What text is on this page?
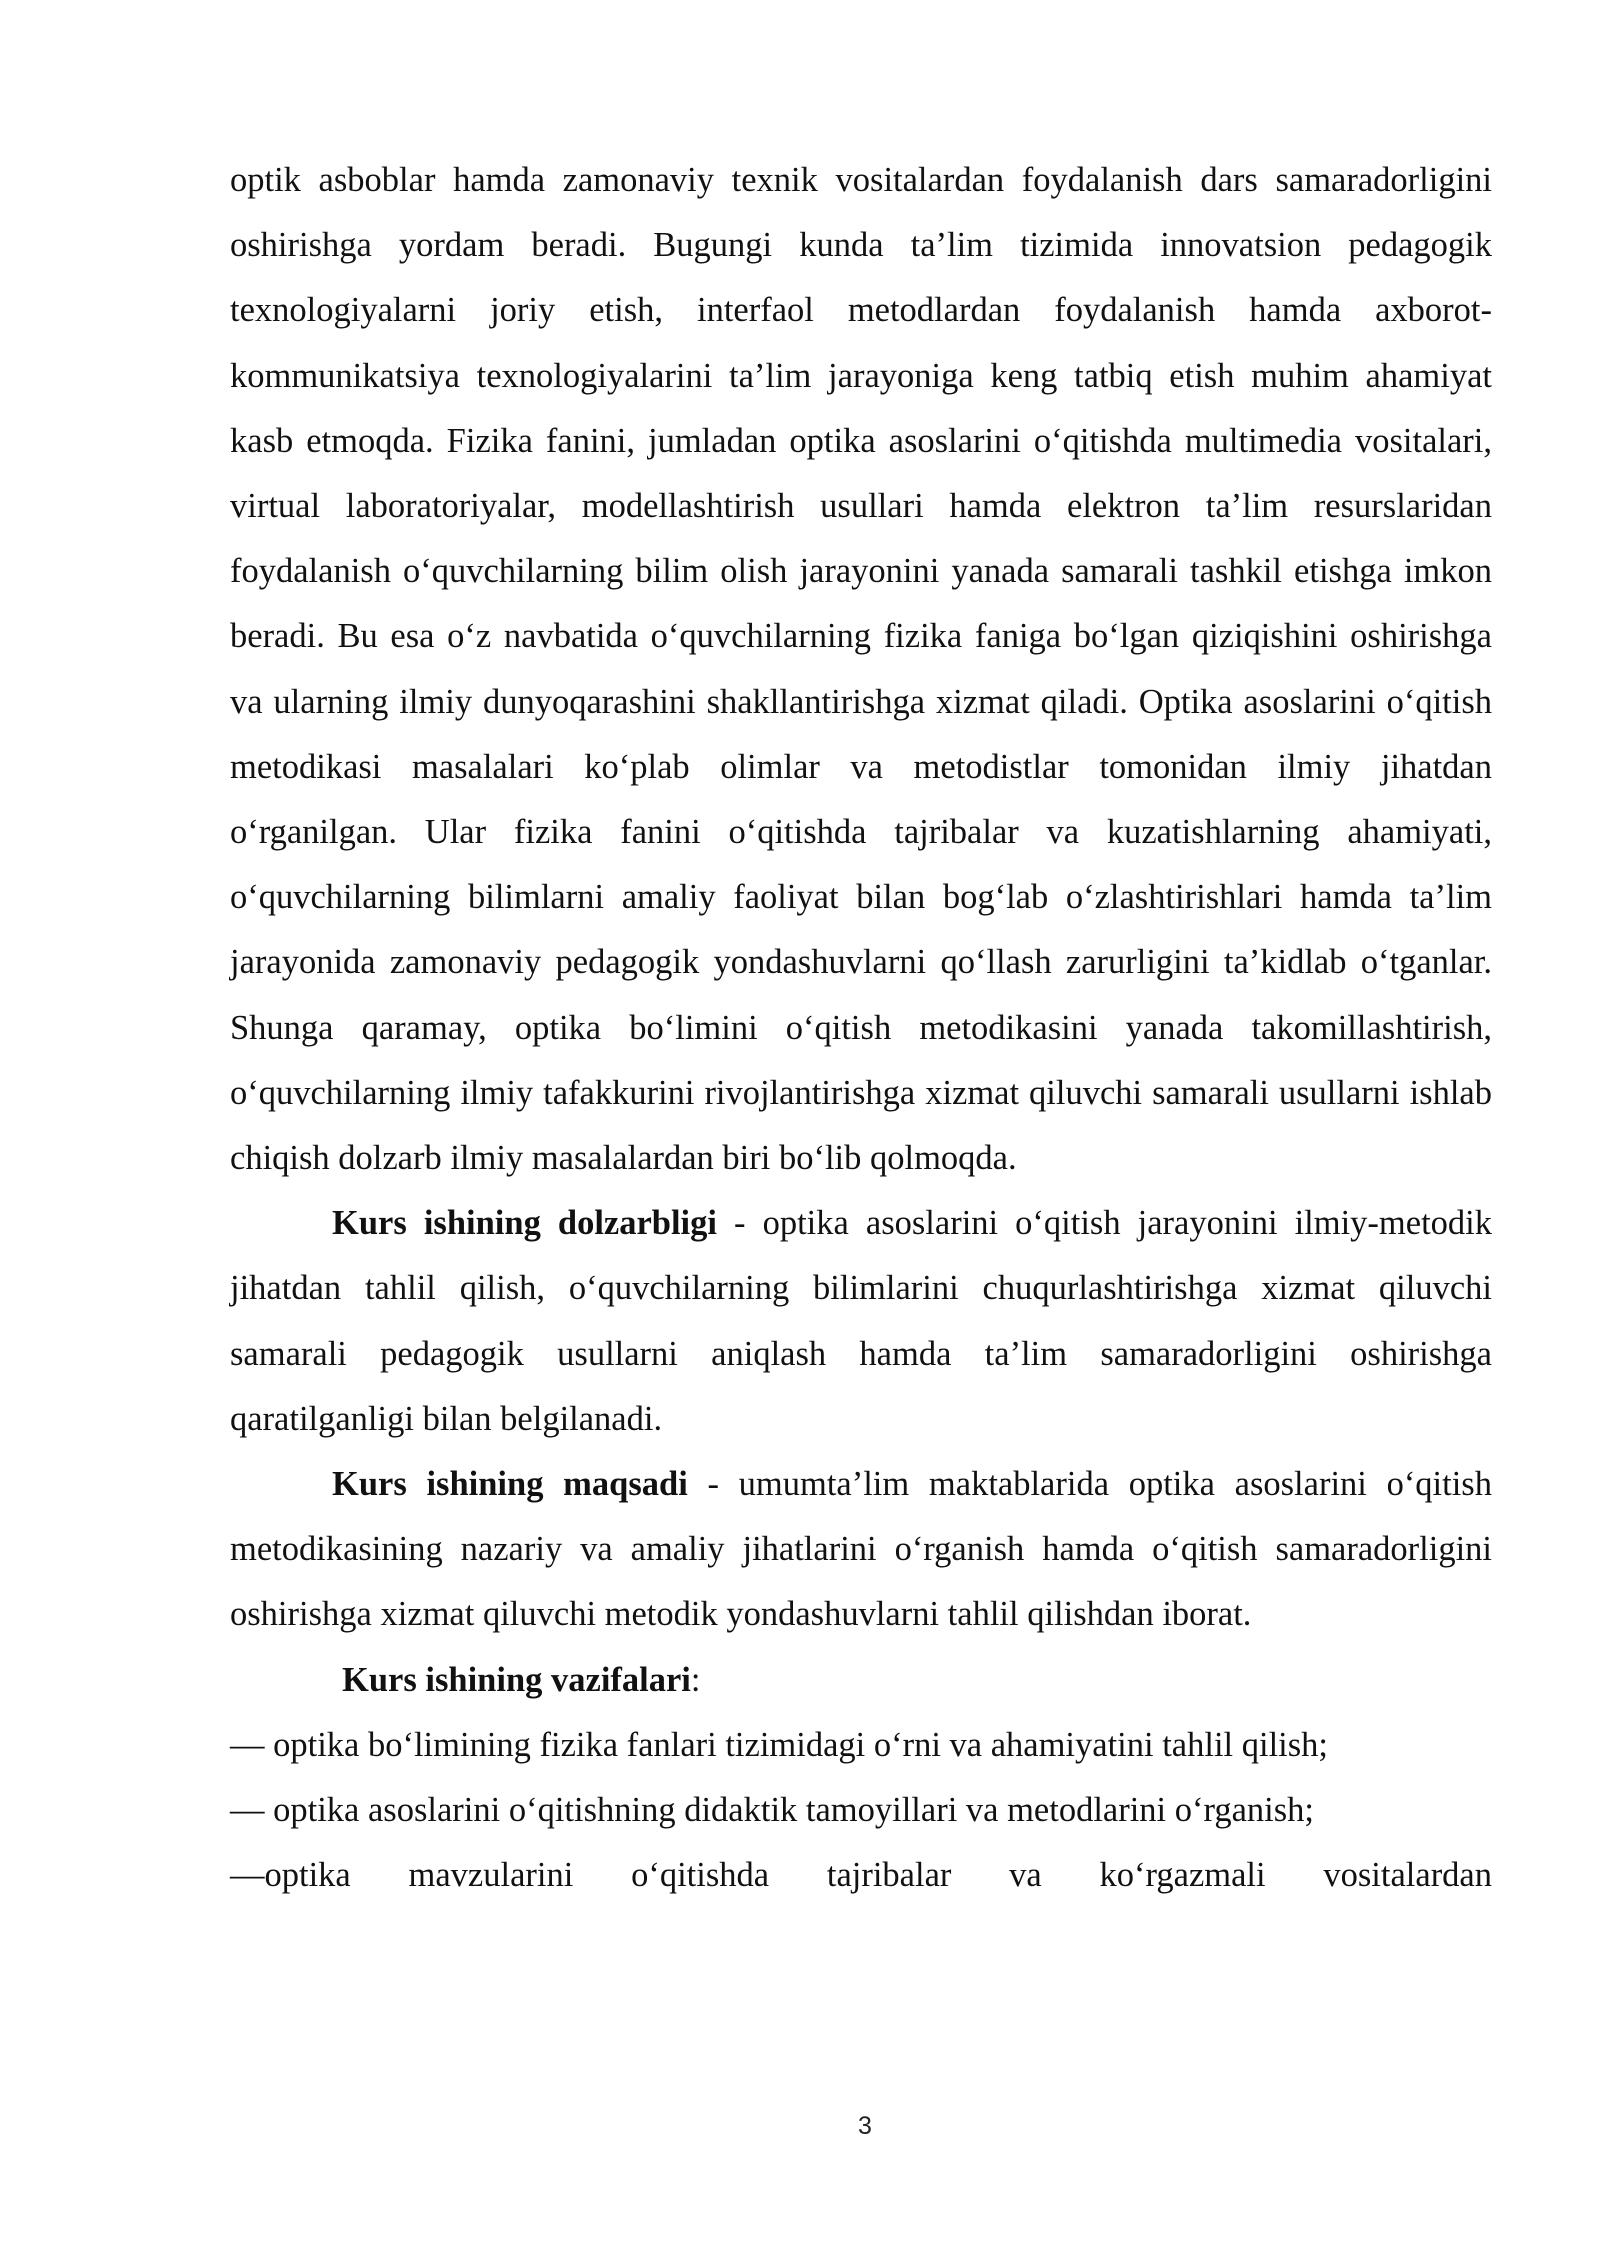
optik asboblar hamda zamonaviy texnik vositalardan foydalanish dars samaradorligini oshirishga yordam beradi. Bugungi kunda ta’lim tizimida innovatsion pedagogik texnologiyalarni joriy etish, interfaol metodlardan foydalanish hamda axborot-kommunikatsiya texnologiyalarini ta’lim jarayoniga keng tatbiq etish muhim ahamiyat kasb etmoqda. Fizika fanini, jumladan optika asoslarini o‘qitishda multimedia vositalari, virtual laboratoriyalar, modellashtirish usullari hamda elektron ta’lim resurslaridan foydalanish o‘quvchilarning bilim olish jarayonini yanada samarali tashkil etishga imkon beradi. Bu esa o‘z navbatida o‘quvchilarning fizika faniga bo‘lgan qiziqishini oshirishga va ularning ilmiy dunyoqarashini shakllantirishga xizmat qiladi. Optika asoslarini o‘qitish metodikasi masalalari ko‘plab olimlar va metodistlar tomonidan ilmiy jihatdan o‘rganilgan. Ular fizika fanini o‘qitishda tajribalar va kuzatishlarning ahamiyati, o‘quvchilarning bilimlarni amaliy faoliyat bilan bog‘lab o‘zlashtirishlari hamda ta’lim jarayonida zamonaviy pedagogik yondashuvlarni qo‘llash zarurligini ta’kidlab o‘tganlar. Shunga qaramay, optika bo‘limini o‘qitish metodikasini yanada takomillashtirish, o‘quvchilarning ilmiy tafakkurini rivojlantirishga xizmat qiluvchi samarali usullarni ishlab chiqish dolzarb ilmiy masalalardan biri bo‘lib qolmoqda.

Kurs ishining dolzarbligi - optika asoslarini o‘qitish jarayonini ilmiy-metodik jihatdan tahlil qilish, o‘quvchilarning bilimlarini chuqurlashtirishga xizmat qiluvchi samarali pedagogik usullarni aniqlash hamda ta’lim samaradorligini oshirishga qaratilganligi bilan belgilanadi.

Kurs ishining maqsadi - umumta’lim maktablarida optika asoslarini o‘qitish metodikasining nazariy va amaliy jihatlarini o‘rganish hamda o‘qitish samaradorligini oshirishga xizmat qiluvchi metodik yondashuvlarni tahlil qilishdan iborat.

Kurs ishining vazifalari:

— optika bo‘limining fizika fanlari tizimidagi o‘rni va ahamiyatini tahlil qilish;

— optika asoslarini o‘qitishning didaktik tamoyillari va metodlarini o‘rganish;

—optika mavzularini o‘qitishda tajribalar va ko‘rgazmali vositalardan

3
